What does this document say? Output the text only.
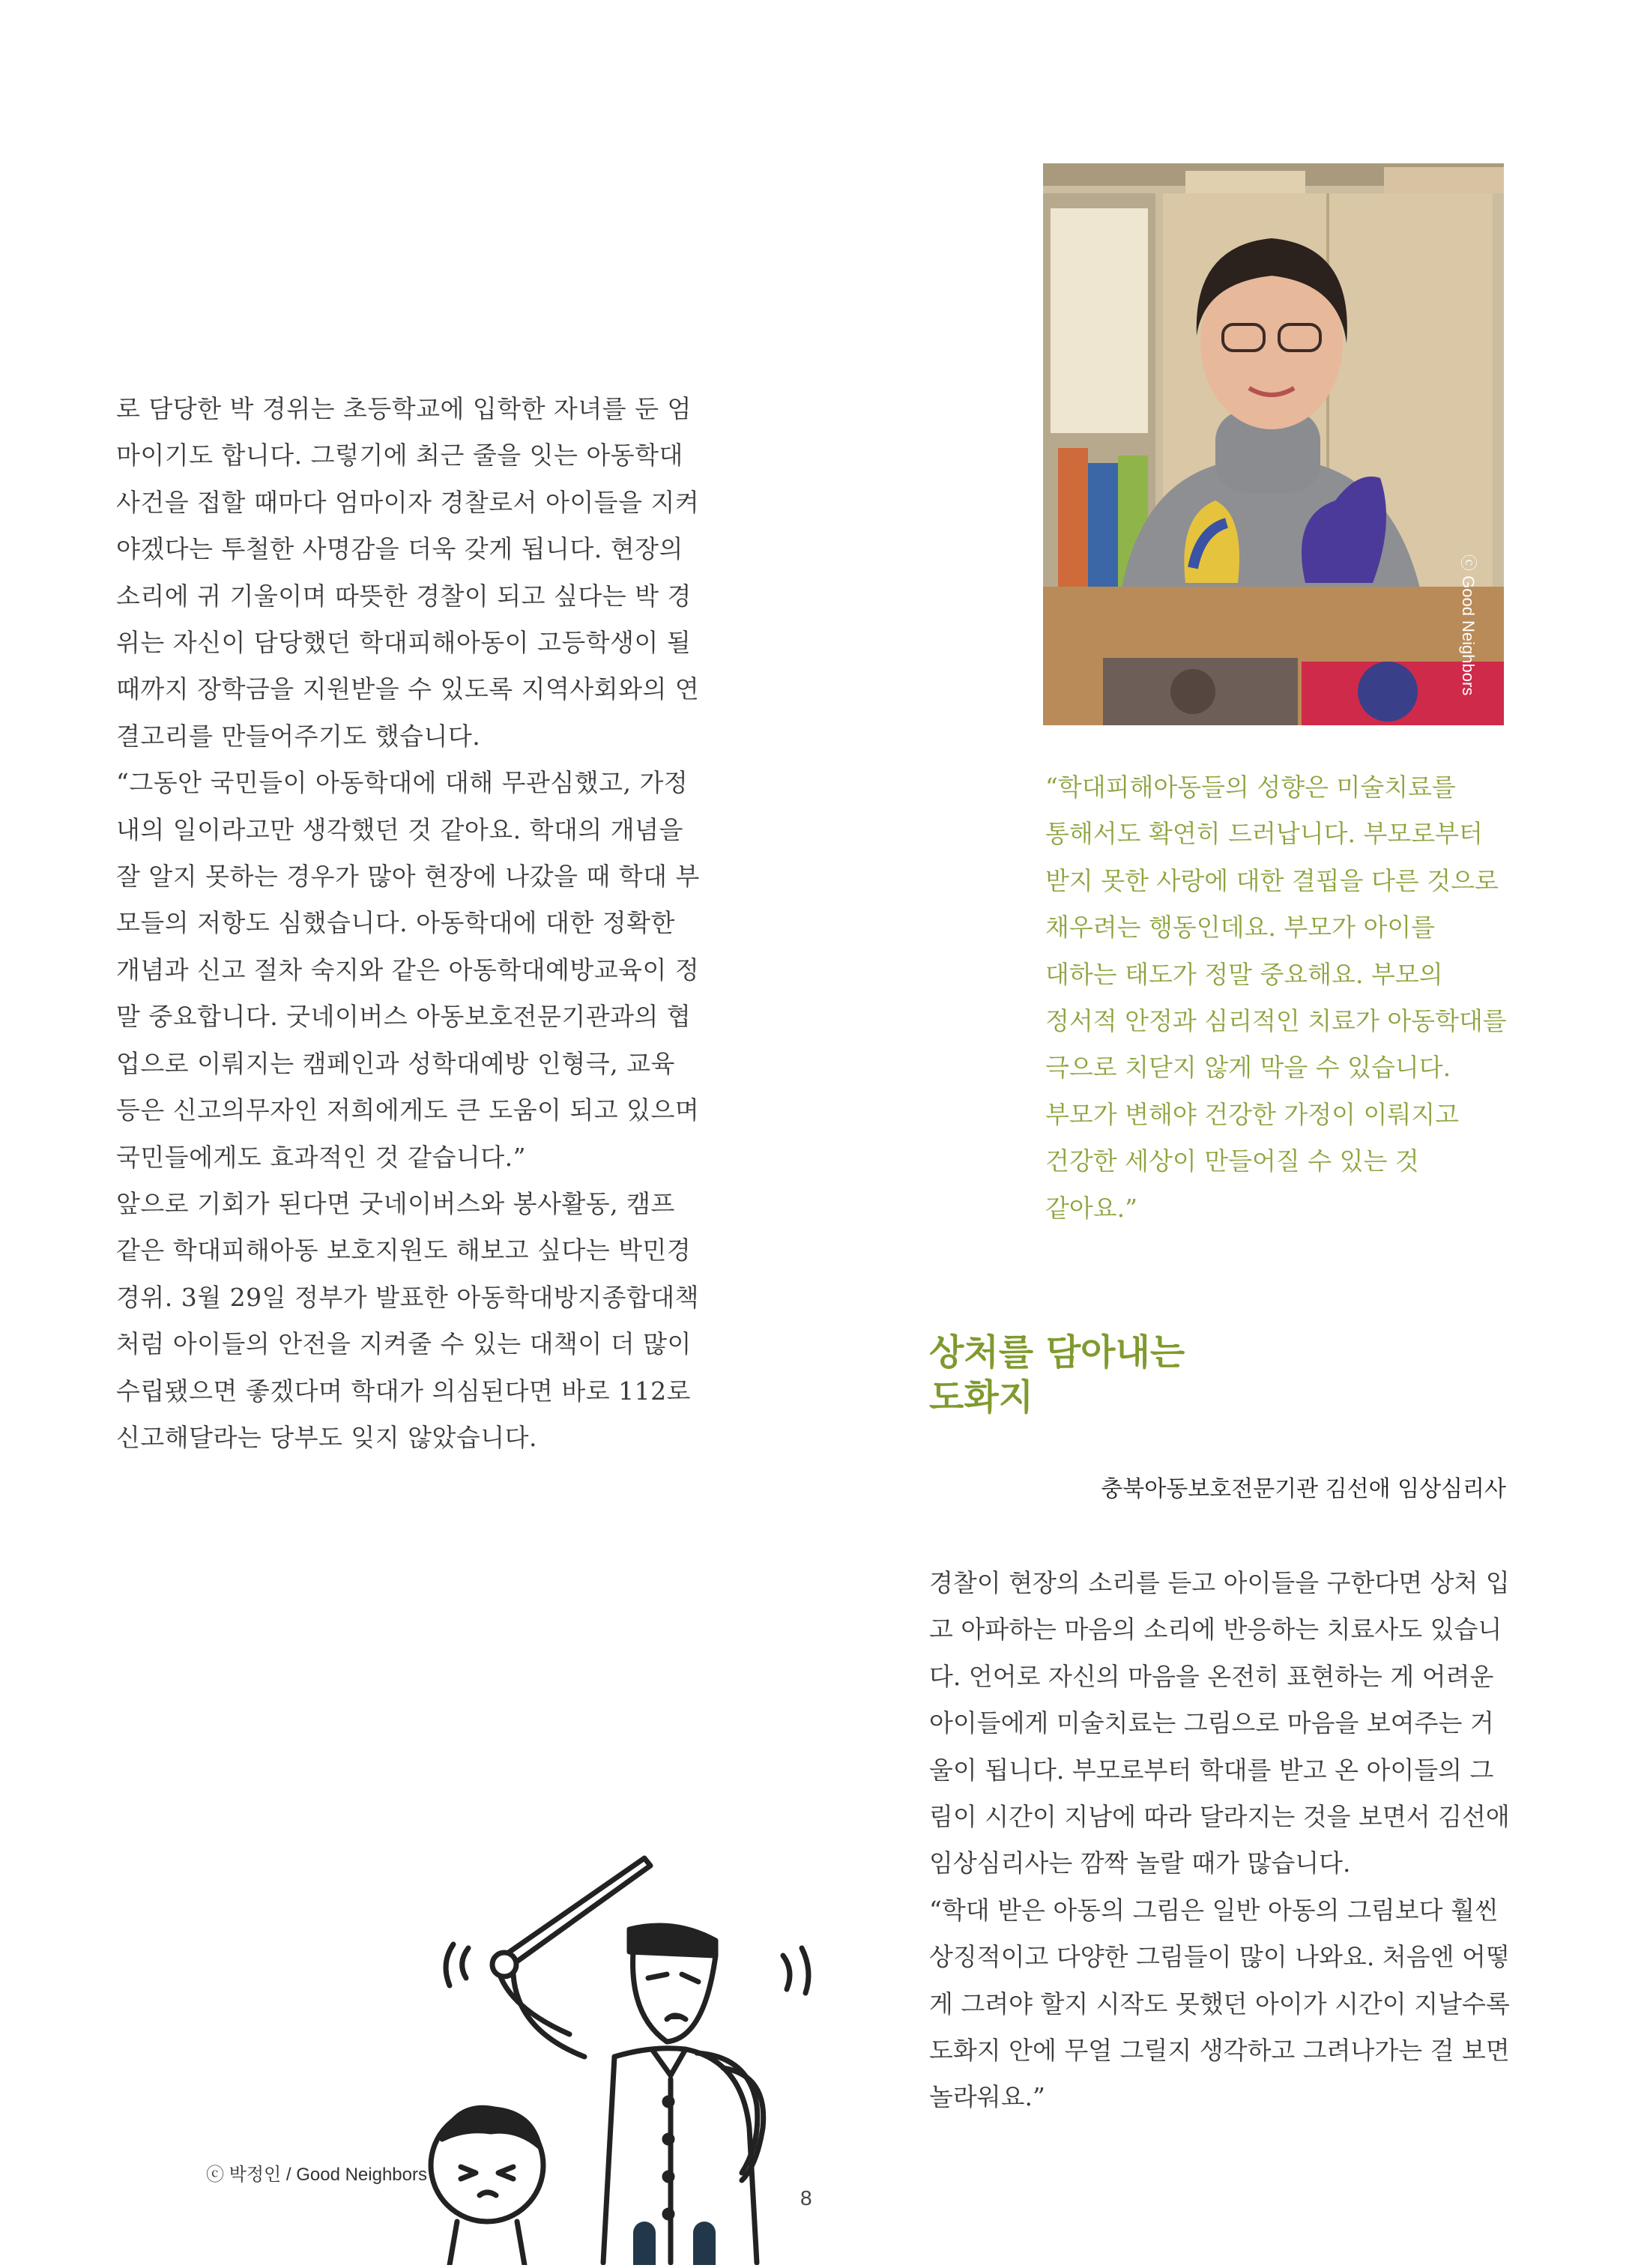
로 담당한 박 경위는 초등학교에 입학한 자녀를 둔 엄마이기도 합니다. 그렇기에 최근 줄을 잇는 아동학대 사건을 접할 때마다 엄마이자 경찰로서 아이들을 지켜야겠다는 투철한 사명감을 더욱 갖게 됩니다. 현장의 소리에 귀 기울이며 따뜻한 경찰이 되고 싶다는 박 경위는 자신이 담당했던 학대피해아동이 고등학생이 될 때까지 장학금을 지원받을 수 있도록 지역사회와의 연결고리를 만들어주기도 했습니다.

“그동안 국민들이 아동학대에 대해 무관심했고, 가정 내의 일이라고만 생각했던 것 같아요. 학대의 개념을 잘 알지 못하는 경우가 많아 현장에 나갔을 때 학대 부모들의 저항도 심했습니다. 아동학대에 대한 정확한 개념과 신고 절차 숙지와 같은 아동학대예방교육이 정말 중요합니다. 굿네이버스 아동보호전문기관과의 협업으로 이뤄지는 캠페인과 성학대예방 인형극, 교육 등은 신고의무자인 저희에게도 큰 도움이 되고 있으며 국민들에게도 효과적인 것 같습니다.”

앞으로 기회가 된다면 굿네이버스와 봉사활동, 캠프 같은 학대피해아동 보호지원도 해보고 싶다는 박민경 경위. 3월 29일 정부가 발표한 아동학대방지종합대책처럼 아이들의 안전을 지켜줄 수 있는 대책이 더 많이 수립됐으면 좋겠다며 학대가 의심된다면 바로 112로 신고해달라는 당부도 잊지 않았습니다.

ⓒ Good Neighbors

“학대피해아동들의 성향은 미술치료를

통해서도 확연히 드러납니다. 부모로부터

받지 못한 사랑에 대한 결핍을 다른 것으로

채우려는 행동인데요. 부모가 아이를

대하는 태도가 정말 중요해요. 부모의

정서적 안정과 심리적인 치료가 아동학대를

극으로 치닫지 않게 막을 수 있습니다.

부모가 변해야 건강한 가정이 이뤄지고

건강한 세상이 만들어질 수 있는 것

같아요.”

상처를 담아내는
도화지
충북아동보호전문기관 김선애 임상심리사

경찰이 현장의 소리를 듣고 아이들을 구한다면 상처 입고 아파하는 마음의 소리에 반응하는 치료사도 있습니다. 언어로 자신의 마음을 온전히 표현하는 게 어려운 아이들에게 미술치료는 그림으로 마음을 보여주는 거울이 됩니다. 부모로부터 학대를 받고 온 아이들의 그림이 시간이 지남에 따라 달라지는 것을 보면서 김선애 임상심리사는 깜짝 놀랄 때가 많습니다.

“학대 받은 아동의 그림은 일반 아동의 그림보다 훨씬 상징적이고 다양한 그림들이 많이 나와요. 처음엔 어떻게 그려야 할지 시작도 못했던 아이가 시간이 지날수록 도화지 안에 무얼 그릴지 생각하고 그려나가는 걸 보면 놀라워요.”

ⓒ 박정인 / Good Neighbors
8
